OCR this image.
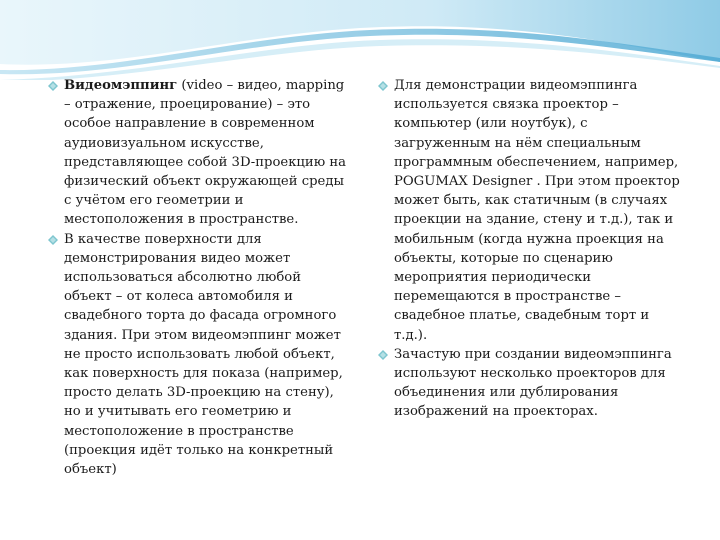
Видеомэппинг (video – видео, mapping – отражение, проецирование) – это особое направление в современном аудиовизуальном искусстве, представляющее собой 3D-проекцию на физический объект окружающей среды с учётом его геометрии и местоположения в пространстве.
В качестве поверхности для демонстрирования видео может использоваться абсолютно любой объект – от колеса автомобиля и свадебного торта до фасада огромного здания. При этом видеомэппинг может не просто использовать любой объект, как поверхность для показа (например, просто делать 3D-проекцию на стену), но и учитывать его геометрию и местоположение в пространстве (проекция идёт только на конкретный объект)
Для демонстрации видеомэппинга используется связка проектор – компьютер (или ноутбук), с загруженным на нём специальным программным обеспечением, например, POGUMAX Designer . При этом проектор может быть, как статичным (в случаях проекции на здание, стену и т.д.), так и мобильным (когда нужна проекция на объекты, которые по сценарию мероприятия периодически перемещаются в пространстве – свадебное платье, свадебным торт и т.д.).
Зачастую при создании видеомэппинга используют несколько проекторов для объединения или дублирования изображений на проекторах.
